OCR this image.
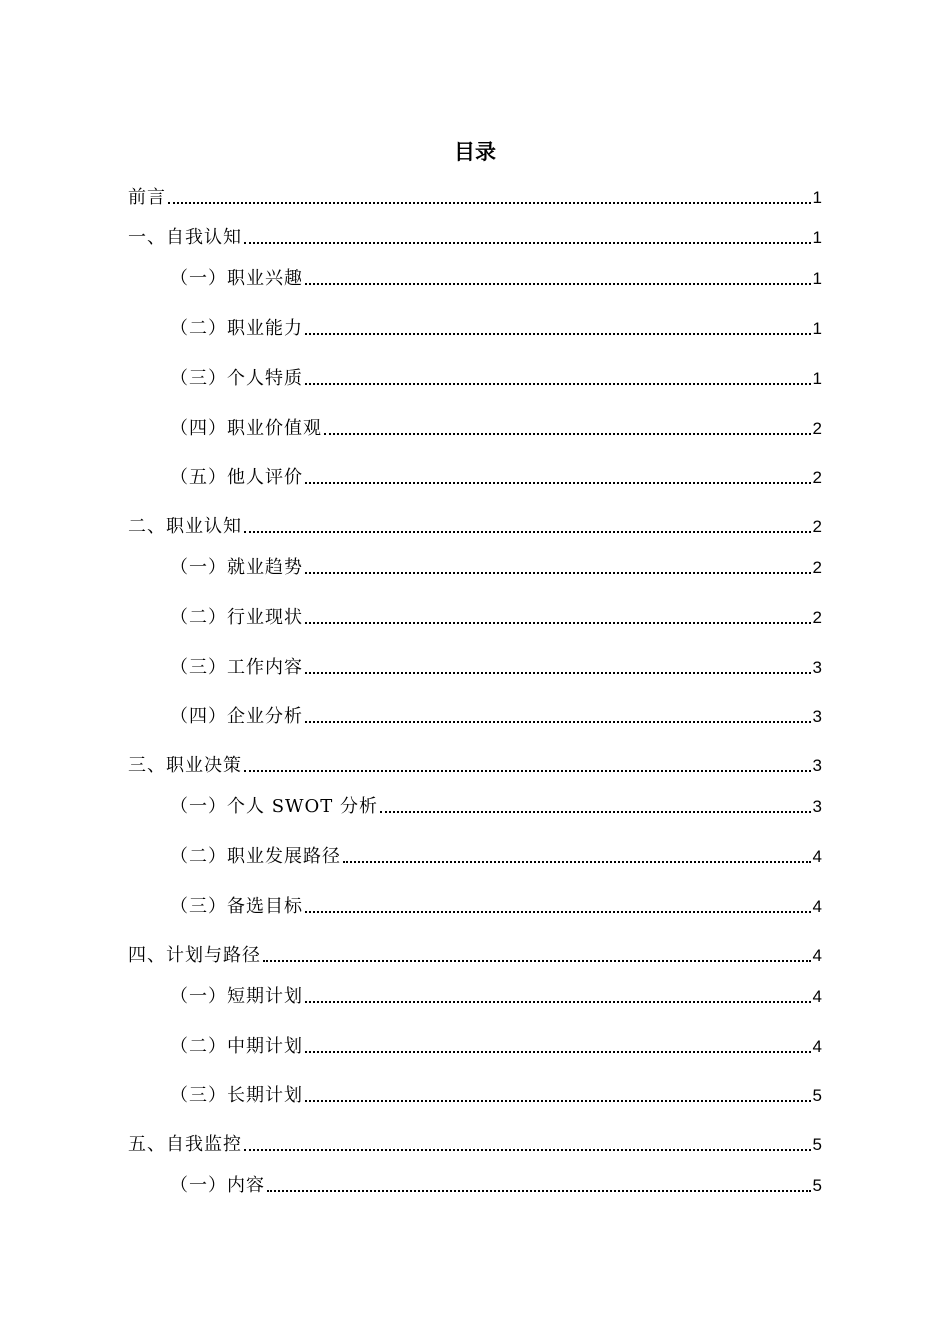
目录
前言	1
一、自我认知	1
（一）职业兴趣	1
（二）职业能力	1
（三）个人特质	1
（四）职业价值观	2
（五）他人评价	2
二、职业认知	2
（一）就业趋势	2
（二）行业现状	2
（三）工作内容	3
（四）企业分析	3
三、职业决策	3
（一）个人 SWOT 分析	3
（二）职业发展路径	4
（三）备选目标	4
四、计划与路径	4
（一）短期计划	4
（二）中期计划	4
（三）长期计划	5
五、自我监控	5
（一）内容	5
